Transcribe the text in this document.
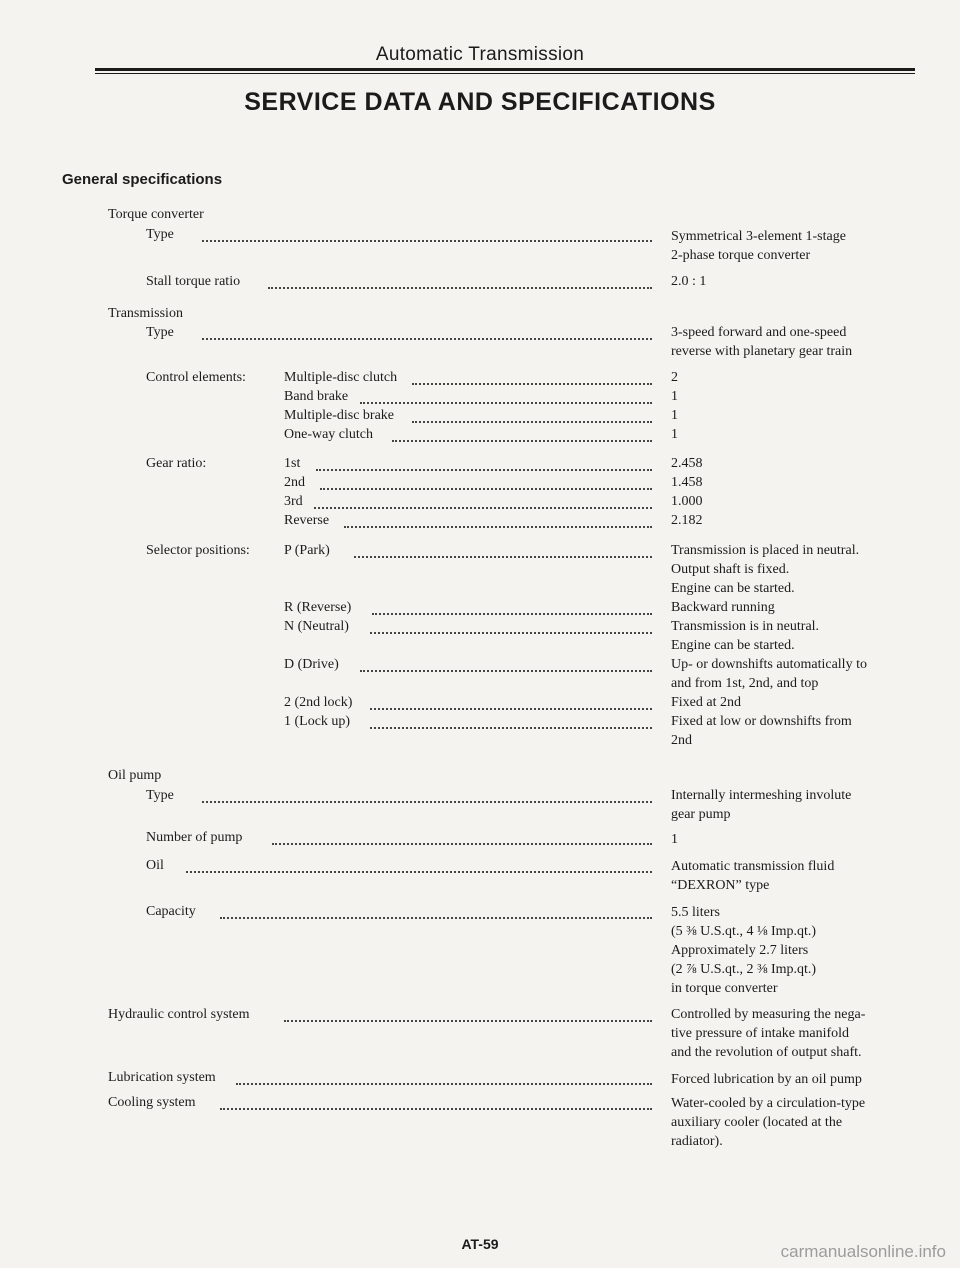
Automatic Transmission
SERVICE DATA AND SPECIFICATIONS
General specifications
Torque converter
Type	Symmetrical 3-element 1-stage
2-phase torque converter
Stall torque ratio	2.0 : 1
Transmission
Type	3-speed forward and one-speed
reverse with planetary gear train
Control elements:	Multiple-disc clutch	2
Band brake	1
Multiple-disc brake	1
One-way clutch	1
Gear ratio:	1st	2.458
2nd	1.458
3rd	1.000
Reverse	2.182
Selector positions: P (Park)	Transmission is placed in neutral.
Output shaft is fixed.
Engine can be started.
R (Reverse)	Backward running
N (Neutral)	Transmission is in neutral.
Engine can be started.
D (Drive)	Up- or downshifts automatically to
and from 1st, 2nd, and top
2 (2nd lock)	Fixed at 2nd
1 (Lock up)	Fixed at low or downshifts from
2nd
Oil pump
Type	Internally intermeshing involute
gear pump
Number of pump	1
Oil	Automatic transmission fluid
“DEXRON” type
Capacity	5.5 liters
(5 ⅜ U.S.qt., 4 ⅛ Imp.qt.)
Approximately 2.7 liters
(2 ⅞ U.S.qt., 2 ⅜ Imp.qt.)
in torque converter
Hydraulic control system	Controlled by measuring the nega-
tive pressure of intake manifold
and the revolution of output shaft.
Lubrication system	Forced lubrication by an oil pump
Cooling system	Water-cooled by a circulation-type
auxiliary cooler (located at the
radiator).
AT-59	carmanualsonline.info
